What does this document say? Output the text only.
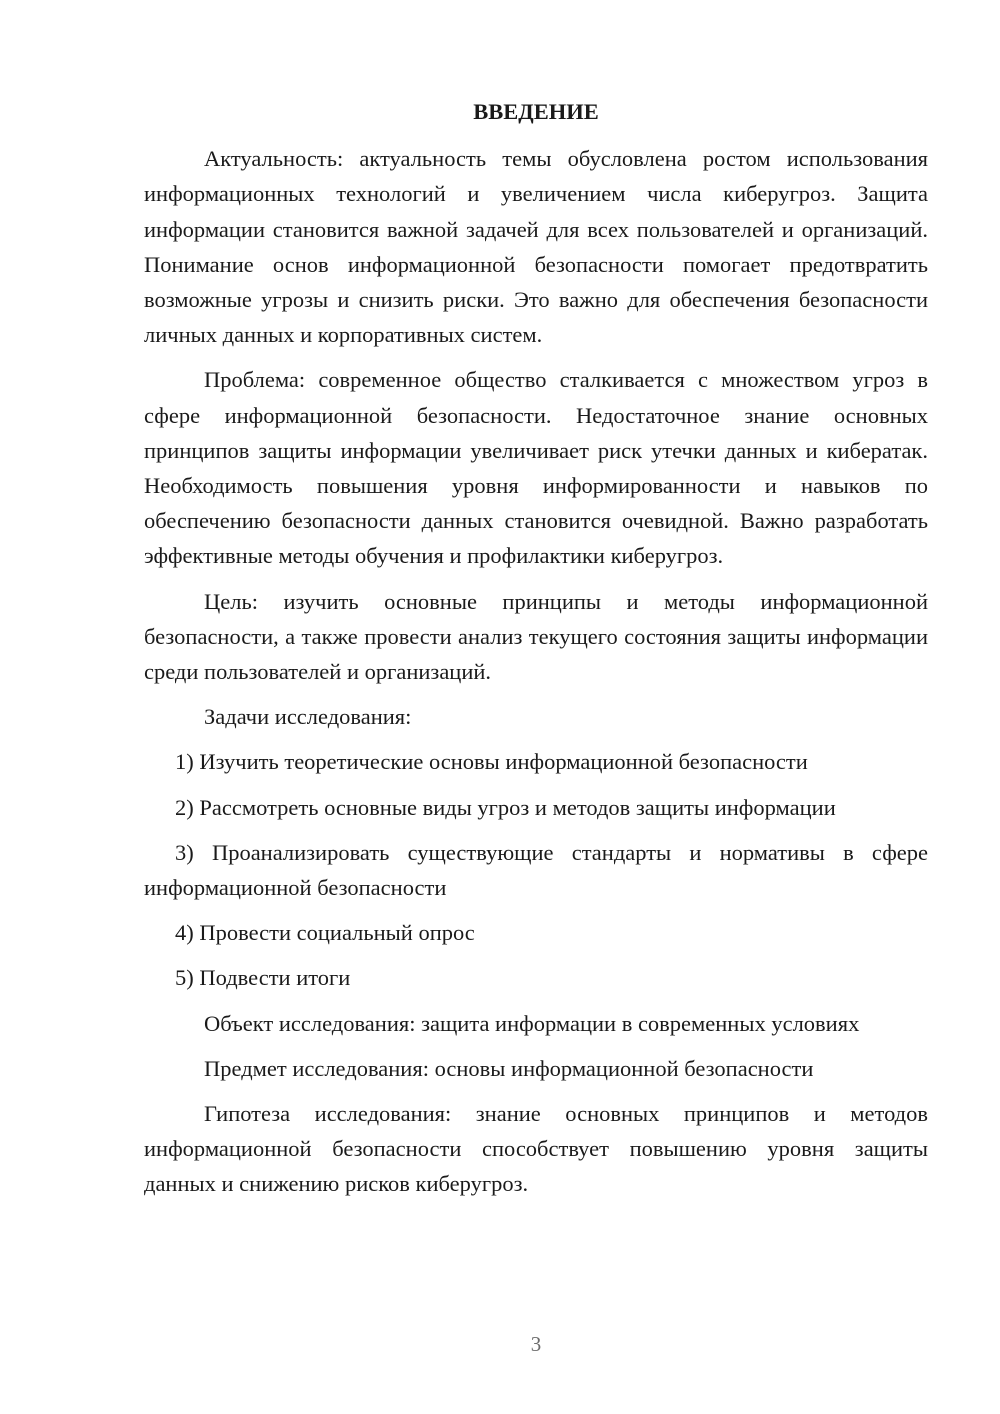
ВВЕДЕНИЕ

Актуальность: актуальность темы обусловлена ростом использования информационных технологий и увеличением числа киберугроз. Защита информации становится важной задачей для всех пользователей и организаций. Понимание основ информационной безопасности помогает предотвратить возможные угрозы и снизить риски. Это важно для обеспечения безопасности личных данных и корпоративных систем.

Проблема: современное общество сталкивается с множеством угроз в сфере информационной безопасности. Недостаточное знание основных принципов защиты информации увеличивает риск утечки данных и кибератак. Необходимость повышения уровня информированности и навыков по обеспечению безопасности данных становится очевидной. Важно разработать эффективные методы обучения и профилактики киберугроз.

Цель: изучить основные принципы и методы информационной безопасности, а также провести анализ текущего состояния защиты информации среди пользователей и организаций.

Задачи исследования:

1) Изучить теоретические основы информационной безопасности

2) Рассмотреть основные виды угроз и методов защиты информации

3) Проанализировать существующие стандарты и нормативы в сфере информационной безопасности

4) Провести социальный опрос

5) Подвести итоги

Объект исследования: защита информации в современных условиях

Предмет исследования: основы информационной безопасности

Гипотеза исследования: знание основных принципов и методов информационной безопасности способствует повышению уровня защиты данных и снижению рисков киберугроз.

3
